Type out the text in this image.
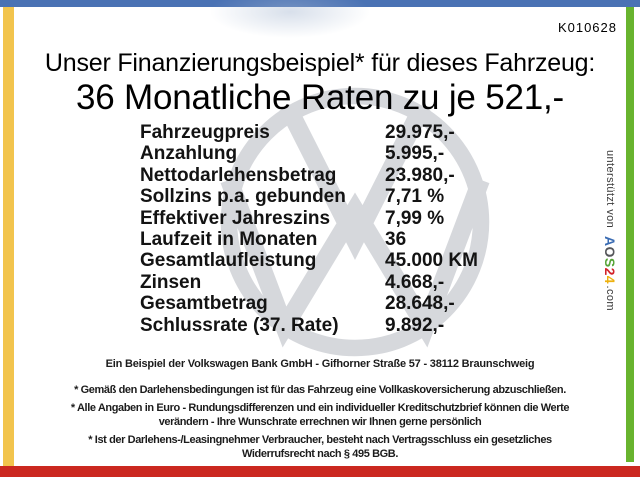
K010628
Unser Finanzierungsbeispiel* für dieses Fahrzeug:
36 Monatliche Raten zu je 521,-
Fahrzeugpreis	29.975,-
Anzahlung	5.995,-
Nettodarlehensbetrag	23.980,-
Sollzins p.a. gebunden	7,71 %
Effektiver Jahreszins	7,99 %
Laufzeit in Monaten	36
Gesamtlaufleistung	45.000 KM
Zinsen	4.668,-
Gesamtbetrag	28.648,-
Schlussrate (37. Rate)	9.892,-
Ein Beispiel der Volkswagen Bank GmbH - Gifhorner Straße 57 - 38112 Braunschweig
* Gemäß den Darlehensbedingungen ist für das Fahrzeug eine Vollkaskoversicherung abzuschließen.
* Alle Angaben in Euro - Rundungsdifferenzen und ein individueller Kreditschutzbrief können die Werte
verändern - Ihre Wunschrate errechnen wir Ihnen gerne persönlich
* Ist der Darlehens-/Leasingnehmer Verbraucher, besteht nach Vertragsschluss ein gesetzliches
Widerrufsrecht nach § 495 BGB.
unterstützt von AOS24.com
